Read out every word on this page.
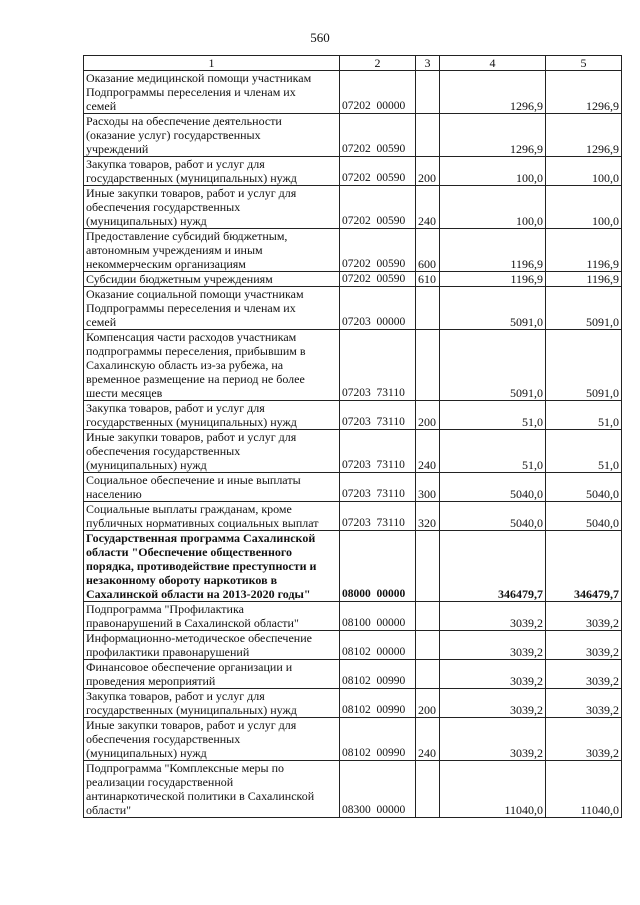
560
1	2	3	4	5
Оказание медицинской помощи участникам
Подпрограммы переселения и членам их
семей	07202  00000		1296,9	1296,9
Расходы на обеспечение деятельности
(оказание услуг) государственных
учреждений	07202  00590		1296,9	1296,9
Закупка товаров, работ и услуг для
государственных (муниципальных) нужд	07202  00590	200	100,0	100,0
Иные закупки товаров, работ и услуг для
обеспечения государственных
(муниципальных) нужд	07202  00590	240	100,0	100,0
Предоставление субсидий бюджетным,
автономным учреждениям и иным
некоммерческим организациям	07202  00590	600	1196,9	1196,9
Субсидии бюджетным учреждениям	07202  00590	610	1196,9	1196,9
Оказание социальной помощи участникам
Подпрограммы переселения и членам их
семей	07203  00000		5091,0	5091,0
Компенсация части расходов участникам
подпрограммы переселения, прибывшим в
Сахалинскую область из-за рубежа, на
временное размещение на период не более
шести месяцев	07203  73110		5091,0	5091,0
Закупка товаров, работ и услуг для
государственных (муниципальных) нужд	07203  73110	200	51,0	51,0
Иные закупки товаров, работ и услуг для
обеспечения государственных
(муниципальных) нужд	07203  73110	240	51,0	51,0
Социальное обеспечение и иные выплаты
населению	07203  73110	300	5040,0	5040,0
Социальные выплаты гражданам, кроме
публичных нормативных социальных выплат	07203  73110	320	5040,0	5040,0
Государственная программа Сахалинской
области "Обеспечение общественного
порядка, противодействие преступности и
незаконному обороту наркотиков в
Сахалинской области на 2013-2020 годы"	08000  00000		346479,7	346479,7
Подпрограмма "Профилактика
правонарушений в Сахалинской области"	08100  00000		3039,2	3039,2
Информационно-методическое обеспечение
профилактики правонарушений	08102  00000		3039,2	3039,2
Финансовое обеспечение организации и
проведения мероприятий	08102  00990		3039,2	3039,2
Закупка товаров, работ и услуг для
государственных (муниципальных) нужд	08102  00990	200	3039,2	3039,2
Иные закупки товаров, работ и услуг для
обеспечения государственных
(муниципальных) нужд	08102  00990	240	3039,2	3039,2
Подпрограмма "Комплексные меры по
реализации государственной
антинаркотической политики в Сахалинской
области"	08300  00000		11040,0	11040,0
